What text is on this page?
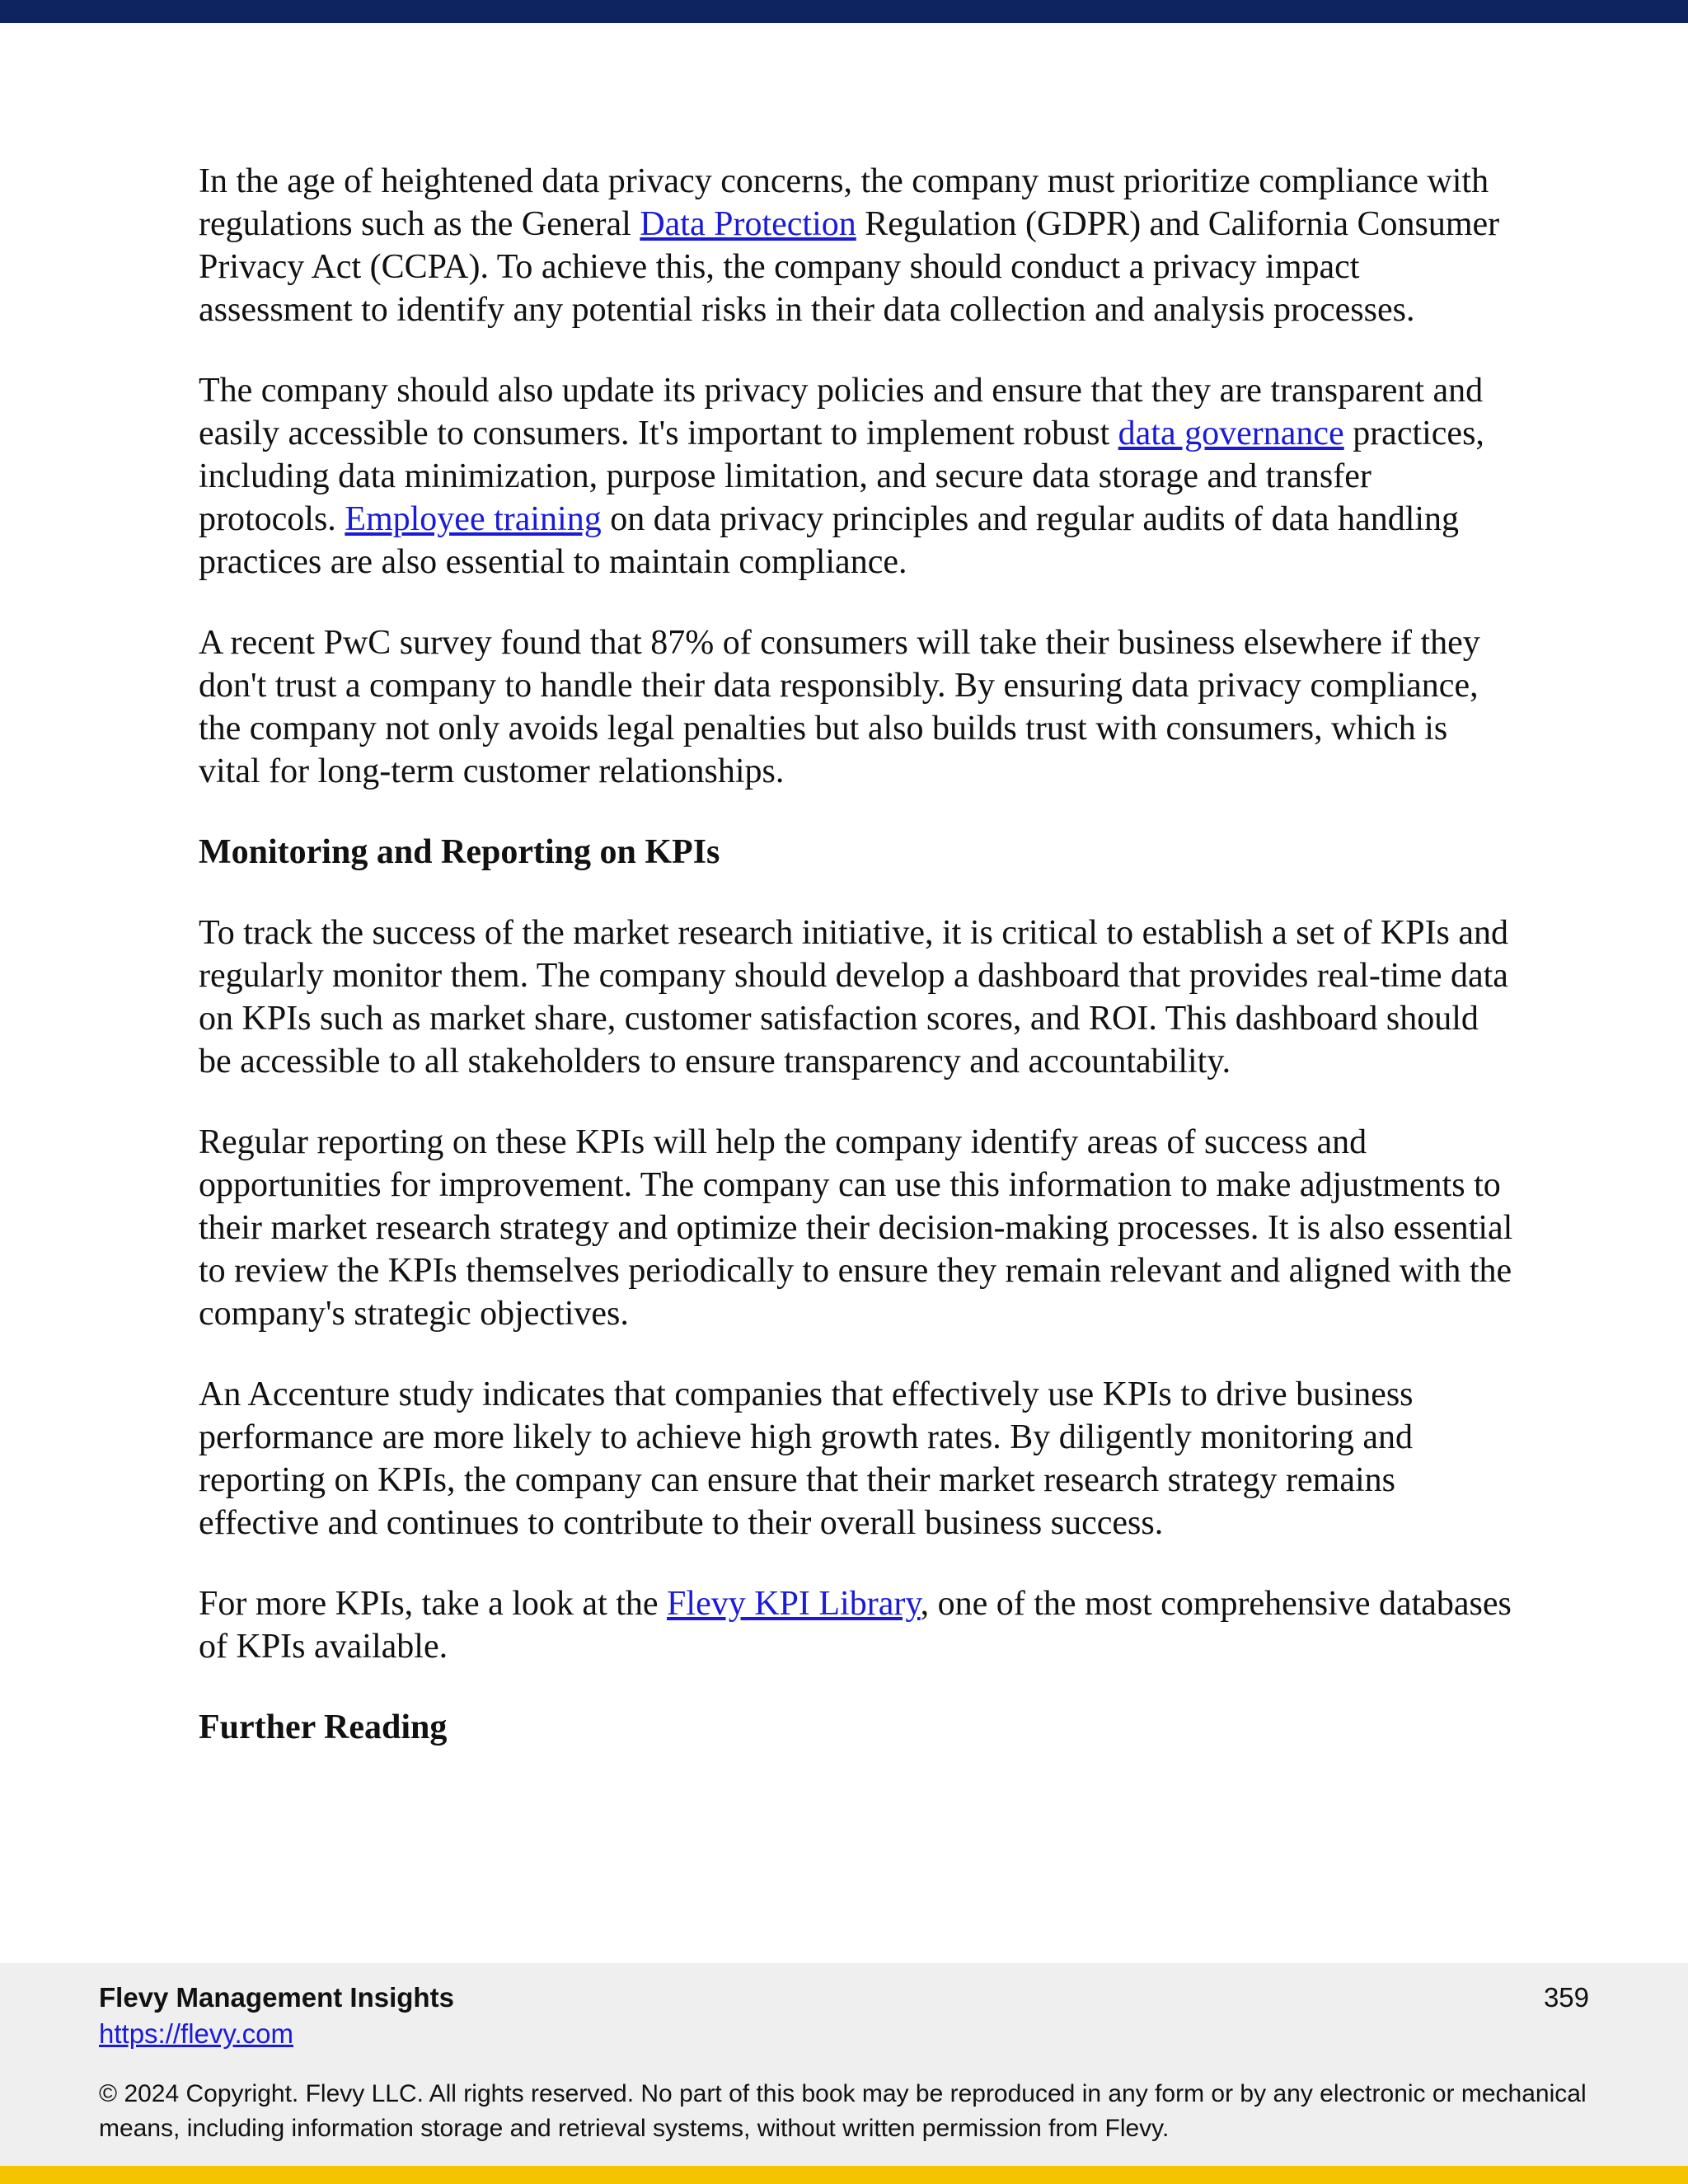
In the age of heightened data privacy concerns, the company must prioritize compliance with regulations such as the General Data Protection Regulation (GDPR) and California Consumer Privacy Act (CCPA). To achieve this, the company should conduct a privacy impact assessment to identify any potential risks in their data collection and analysis processes.

The company should also update its privacy policies and ensure that they are transparent and easily accessible to consumers. It's important to implement robust data governance practices, including data minimization, purpose limitation, and secure data storage and transfer protocols. Employee training on data privacy principles and regular audits of data handling practices are also essential to maintain compliance.

A recent PwC survey found that 87% of consumers will take their business elsewhere if they don't trust a company to handle their data responsibly. By ensuring data privacy compliance, the company not only avoids legal penalties but also builds trust with consumers, which is vital for long-term customer relationships.

Monitoring and Reporting on KPIs

To track the success of the market research initiative, it is critical to establish a set of KPIs and regularly monitor them. The company should develop a dashboard that provides real-time data on KPIs such as market share, customer satisfaction scores, and ROI. This dashboard should be accessible to all stakeholders to ensure transparency and accountability.

Regular reporting on these KPIs will help the company identify areas of success and opportunities for improvement. The company can use this information to make adjustments to their market research strategy and optimize their decision-making processes. It is also essential to review the KPIs themselves periodically to ensure they remain relevant and aligned with the company's strategic objectives.

An Accenture study indicates that companies that effectively use KPIs to drive business performance are more likely to achieve high growth rates. By diligently monitoring and reporting on KPIs, the company can ensure that their market research strategy remains effective and continues to contribute to their overall business success.

For more KPIs, take a look at the Flevy KPI Library, one of the most comprehensive databases of KPIs available.

Further Reading
Flevy Management Insights
https://flevy.com
359
© 2024 Copyright. Flevy LLC. All rights reserved. No part of this book may be reproduced in any form or by any electronic or mechanical means, including information storage and retrieval systems, without written permission from Flevy.
